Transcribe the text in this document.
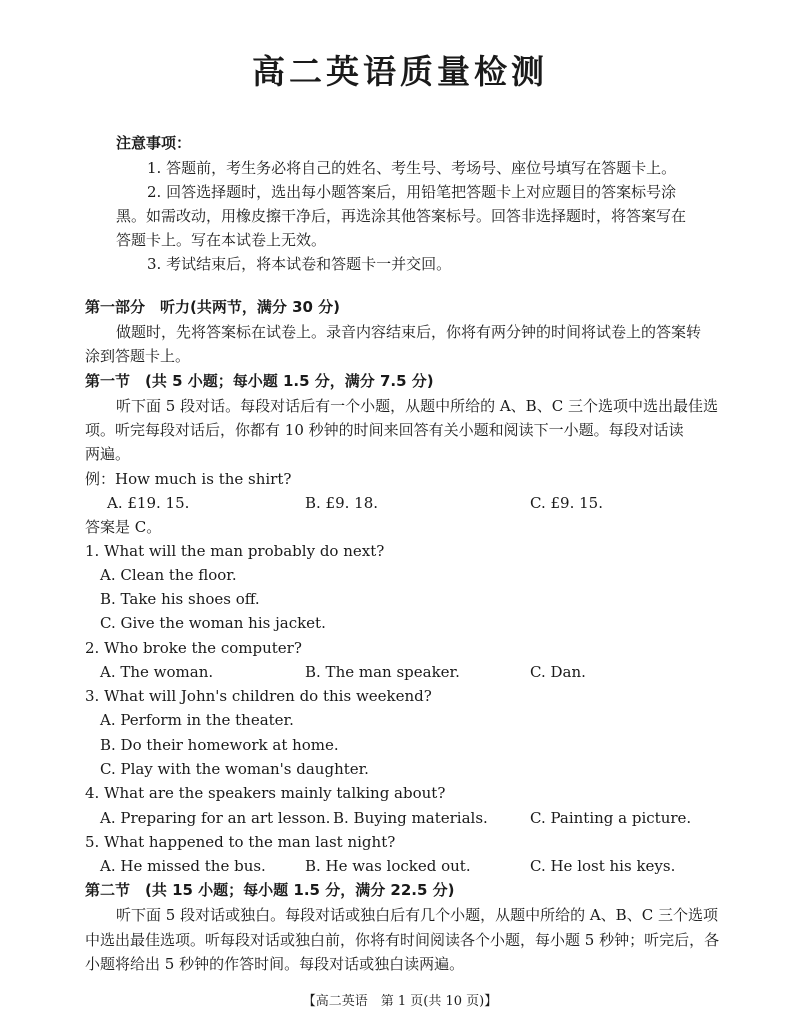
高二英语质量检测
注意事项：
1. 答题前，考生务必将自己的姓名、考生号、考场号、座位号填写在答题卡上。
2. 回答选择题时，选出每小题答案后，用铅笔把答题卡上对应题目的答案标号涂
黑。如需改动，用橡皮擦干净后，再选涂其他答案标号。回答非选择题时，将答案写在
答题卡上。写在本试卷上无效。
3. 考试结束后，将本试卷和答题卡一并交回。
第一部分　听力(共两节，满分 30 分)
做题时，先将答案标在试卷上。录音内容结束后，你将有两分钟的时间将试卷上的答案转
涂到答题卡上。
第一节　(共 5 小题；每小题 1.5 分，满分 7.5 分)
听下面 5 段对话。每段对话后有一个小题，从题中所给的 A、B、C 三个选项中选出最佳选
项。听完每段对话后，你都有 10 秒钟的时间来回答有关小题和阅读下一小题。每段对话读
两遍。
例：How much is the shirt?
A. £19. 15.	B. £9. 18.	C. £9. 15.
答案是 C。
1. What will the man probably do next?
A. Clean the floor.
B. Take his shoes off.
C. Give the woman his jacket.
2. Who broke the computer?
A. The woman.	B. The man speaker.	C. Dan.
3. What will John's children do this weekend?
A. Perform in the theater.
B. Do their homework at home.
C. Play with the woman's daughter.
4. What are the speakers mainly talking about?
A. Preparing for an art lesson. B. Buying materials.	C. Painting a picture.
5. What happened to the man last night?
A. He missed the bus.	B. He was locked out.	C. He lost his keys.
第二节　(共 15 小题；每小题 1.5 分，满分 22.5 分)
听下面 5 段对话或独白。每段对话或独白后有几个小题，从题中所给的 A、B、C 三个选项
中选出最佳选项。听每段对话或独白前，你将有时间阅读各个小题，每小题 5 秒钟；听完后，各
小题将给出 5 秒钟的作答时间。每段对话或独白读两遍。
【高二英语　第 1 页(共 10 页)】
